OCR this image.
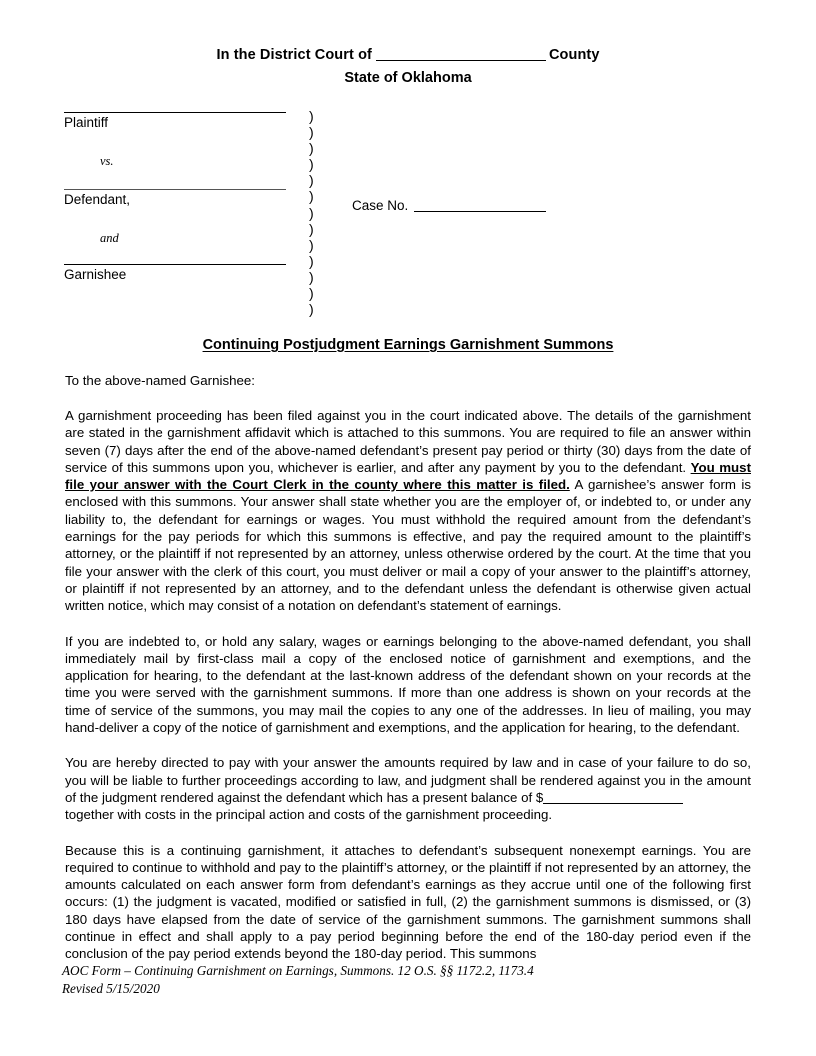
In the District Court of	County
State of Oklahoma
Plaintiff
vs.
Defendant,
and
Garnishee
)
)
)
)
)
)
)
)
)
)
)
)
)
Case No.
Continuing Postjudgment Earnings Garnishment Summons
To the above-named Garnishee:

A garnishment proceeding has been filed against you in the court indicated above. The details of the garnishment are stated in the garnishment affidavit which is attached to this summons. You are required to file an answer within seven (7) days after the end of the above-named defendant’s present pay period or thirty (30) days from the date of service of this summons upon you, whichever is earlier, and after any payment by you to the defendant. You must file your answer with the Court Clerk in the county where this matter is filed. A garnishee’s answer form is enclosed with this summons. Your answer shall state whether you are the employer of, or indebted to, or under any liability to, the defendant for earnings or wages. You must withhold the required amount from the defendant’s earnings for the pay periods for which this summons is effective, and pay the required amount to the plaintiff’s attorney, or the plaintiff if not represented by an attorney, unless otherwise ordered by the court. At the time that you file your answer with the clerk of this court, you must deliver or mail a copy of your answer to the plaintiff’s attorney, or plaintiff if not represented by an attorney, and to the defendant unless the defendant is otherwise given actual written notice, which may consist of a notation on defendant’s statement of earnings.

If you are indebted to, or hold any salary, wages or earnings belonging to the above-named defendant, you shall immediately mail by first-class mail a copy of the enclosed notice of garnishment and exemptions, and the application for hearing, to the defendant at the last-known address of the defendant shown on your records at the time you were served with the garnishment summons. If more than one address is shown on your records at the time of service of the summons, you may mail the copies to any one of the addresses. In lieu of mailing, you may hand-deliver a copy of the notice of garnishment and exemptions, and the application for hearing, to the defendant.

You are hereby directed to pay with your answer the amounts required by law and in case of your failure to do so, you will be liable to further proceedings according to law, and judgment shall be rendered against you in the amount of the judgment rendered against the defendant which has a present balance of $
together with costs in the principal action and costs of the garnishment proceeding.

Because this is a continuing garnishment, it attaches to defendant’s subsequent nonexempt earnings. You are required to continue to withhold and pay to the plaintiff’s attorney, or the plaintiff if not represented by an attorney, the amounts calculated on each answer form from defendant’s earnings as they accrue until one of the following first occurs: (1) the judgment is vacated, modified or satisfied in full, (2) the garnishment summons is dismissed, or (3) 180 days have elapsed from the date of service of the garnishment summons. The garnishment summons shall continue in effect and shall apply to a pay period beginning before the end of the 180-day period even if the conclusion of the pay period extends beyond the 180-day period. This summons

AOC Form – Continuing Garnishment on Earnings, Summons. 12 O.S. §§ 1172.2, 1173.4
Revised 5/15/2020
